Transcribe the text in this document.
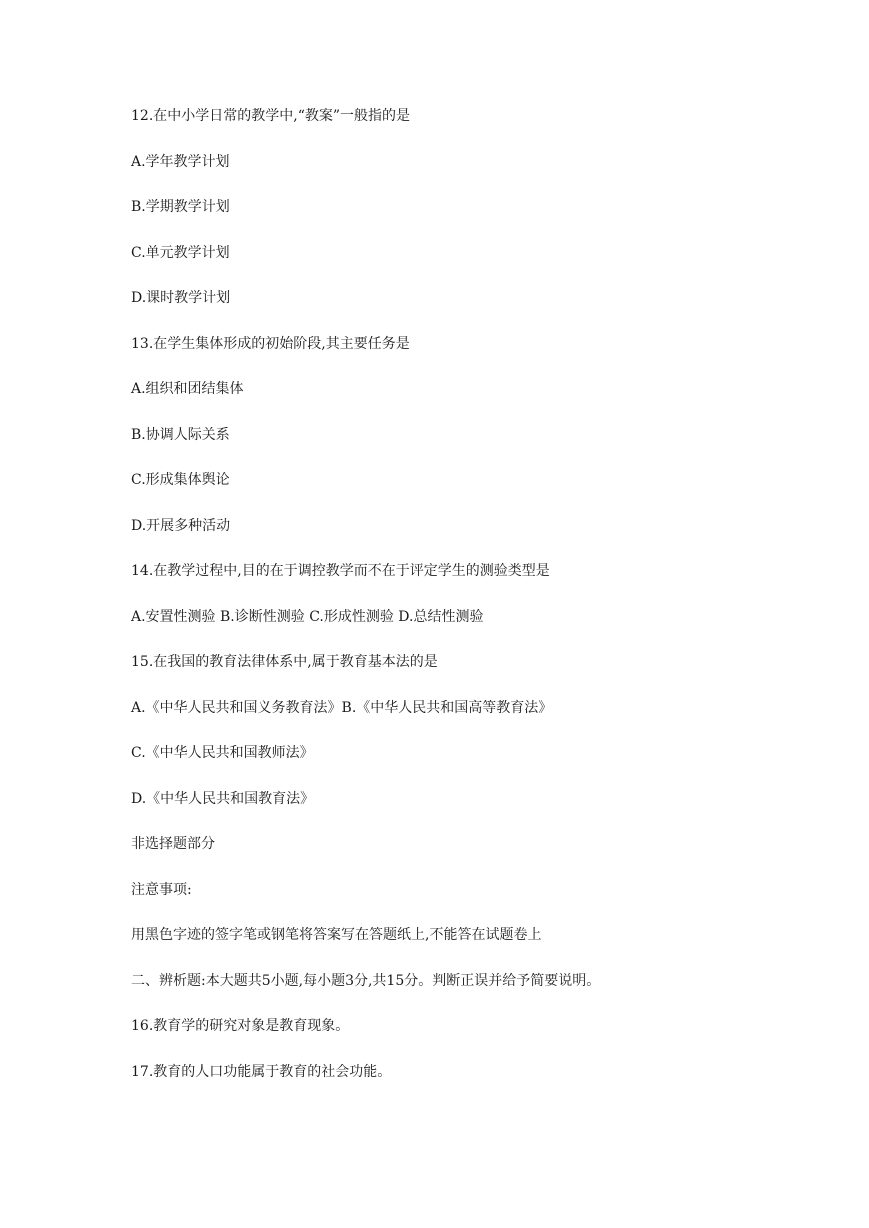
12.在中小学日常的教学中,“教案”一般指的是

A.学年教学计划

B.学期教学计划

C.单元教学计划

D.课时教学计划

13.在学生集体形成的初始阶段,其主要任务是

A.组织和团结集体

B.协调人际关系

C.形成集体舆论

D.开展多种活动

14.在教学过程中,目的在于调控教学而不在于评定学生的测验类型是

A.安置性测验 B.诊断性测验 C.形成性测验 D.总结性测验

15.在我国的教育法律体系中,属于教育基本法的是

A.《中华人民共和国义务教育法》B.《中华人民共和国高等教育法》

C.《中华人民共和国教师法》

D.《中华人民共和国教育法》

非选择题部分

注意事项:

用黑色字迹的签字笔或钢笔将答案写在答题纸上,不能答在试题卷上

二、辨析题:本大题共5小题,每小题3分,共15分。判断正误并给予简要说明。

16.教育学的研究对象是教育现象。

17.教育的人口功能属于教育的社会功能。
